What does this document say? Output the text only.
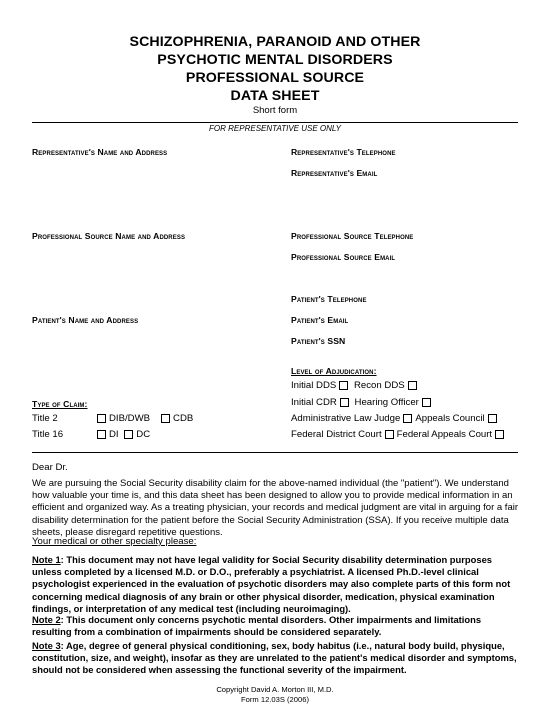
SCHIZOPHRENIA, PARANOID AND OTHER
PSYCHOTIC MENTAL DISORDERS
PROFESSIONAL SOURCE
DATA SHEET
Short form
FOR REPRESENTATIVE USE ONLY
Representative's Name and Address	Representative's Telephone
Representative's Email
Professional Source Name and Address	Professional Source Telephone
Professional Source Email
Patient's Telephone
Patient's Name and Address	Patient's Email
Patient's SSN
Level of Adjudication:
Initial DDS Recon DDS
Initial CDR Hearing Officer
Administrative Law Judge Appeals Council
Federal District Court Federal Appeals Court
Type of Claim:
Title 2	DIB/DWB CDB
Title 16	DI DC
Dear Dr.
We are pursuing the Social Security disability claim for the above-named individual (the "patient"). We understand how valuable your time is, and this data sheet has been designed to allow you to provide medical information in an efficient and organized way. As a treating physician, your records and medical judgment are vital in arguing for a fair disability determination for the patient before the Social Security Administration (SSA). If you receive multiple data sheets, please disregard repetitive questions.
Your medical or other specialty please:
Note 1: This document may not have legal validity for Social Security disability determination purposes unless completed by a licensed M.D. or D.O., preferably a psychiatrist. A licensed Ph.D.-level clinical psychologist experienced in the evaluation of psychotic disorders may also complete parts of this form not concerning medical diagnosis of any brain or other physical disorder, medication, physical examination findings, or interpretation of any medical test (including neuroimaging).
Note 2: This document only concerns psychotic mental disorders. Other impairments and limitations resulting from a combination of impairments should be considered separately.
Note 3: Age, degree of general physical conditioning, sex, body habitus (i.e., natural body build, physique, constitution, size, and weight), insofar as they are unrelated to the patient's medical disorder and symptoms, should not be considered when assessing the functional severity of the impairment.
Copyright David A. Morton III, M.D.
Form 12.03S (2006)
